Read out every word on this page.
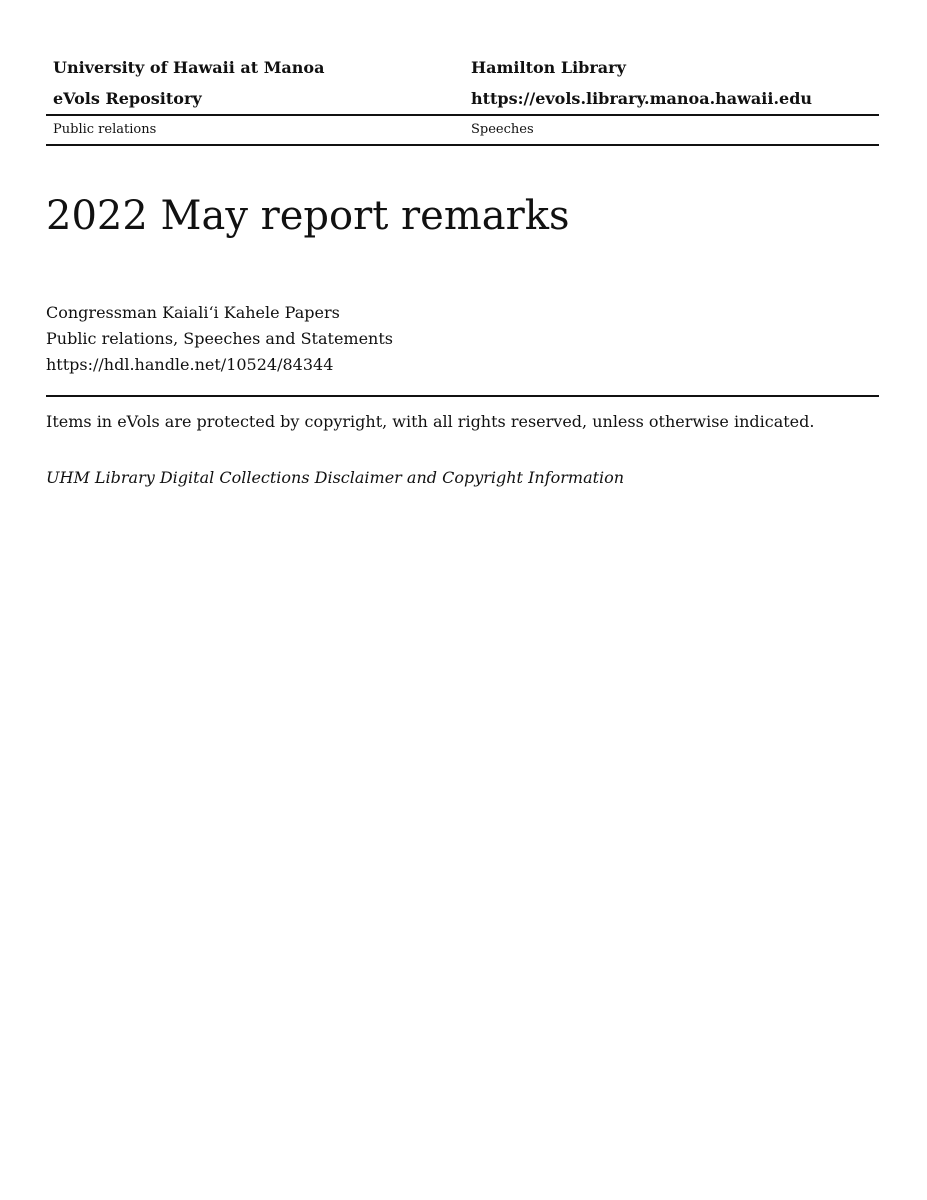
University of Hawaii at Manoa	Hamilton Library
eVols Repository	https://evols.library.manoa.hawaii.edu
Public relations	Speeches
2022 May report remarks
Congressman Kaialiʻi Kahele Papers
Public relations, Speeches and Statements
https://hdl.handle.net/10524/84344
Items in eVols are protected by copyright, with all rights reserved, unless otherwise indicated.
UHM Library Digital Collections Disclaimer and Copyright Information
